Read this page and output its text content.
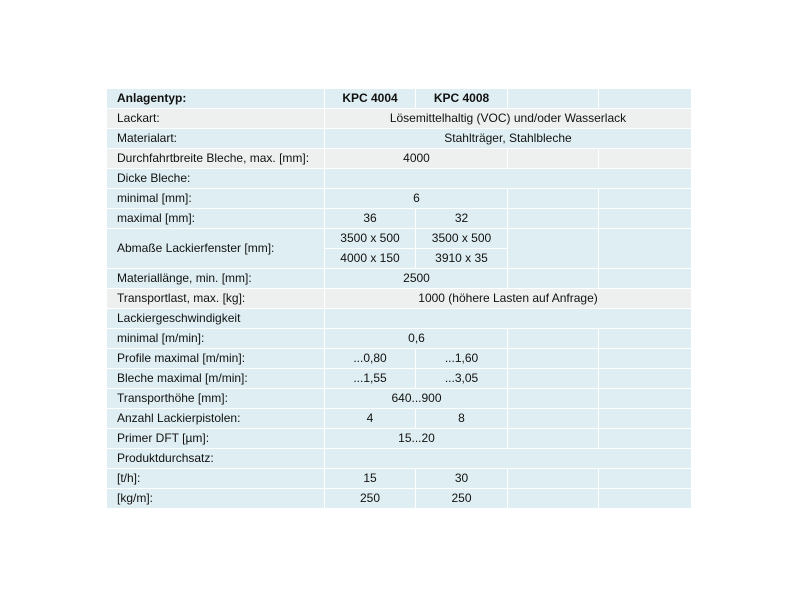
Anlagentyp:	KPC 4004	KPC 4008
Lackart:	Lösemittelhaltig (VOC) und/oder Wasserlack
Materialart:	Stahlträger, Stahlbleche
Durchfahrtbreite Bleche, max. [mm]:	4000
Dicke Bleche:
minimal [mm]:	6
maximal [mm]:	36	32
Abmaße Lackierfenster [mm]:
3500 x 500	3500 x 500
4000 x 150	3910 x 35
Materiallänge, min. [mm]:	2500
Transportlast, max. [kg]:	1000 (höhere Lasten auf Anfrage)
Lackiergeschwindigkeit
minimal [m/min]:	0,6
Profile maximal [m/min]:	...0,80	...1,60
Bleche maximal [m/min]:	...1,55	...3,05
Transporthöhe [mm]:	640...900
Anzahl Lackierpistolen:	4	8
Primer DFT [µm]:	15...20
Produktdurchsatz:
[t/h]:	15	30
[kg/m]:	250	250
